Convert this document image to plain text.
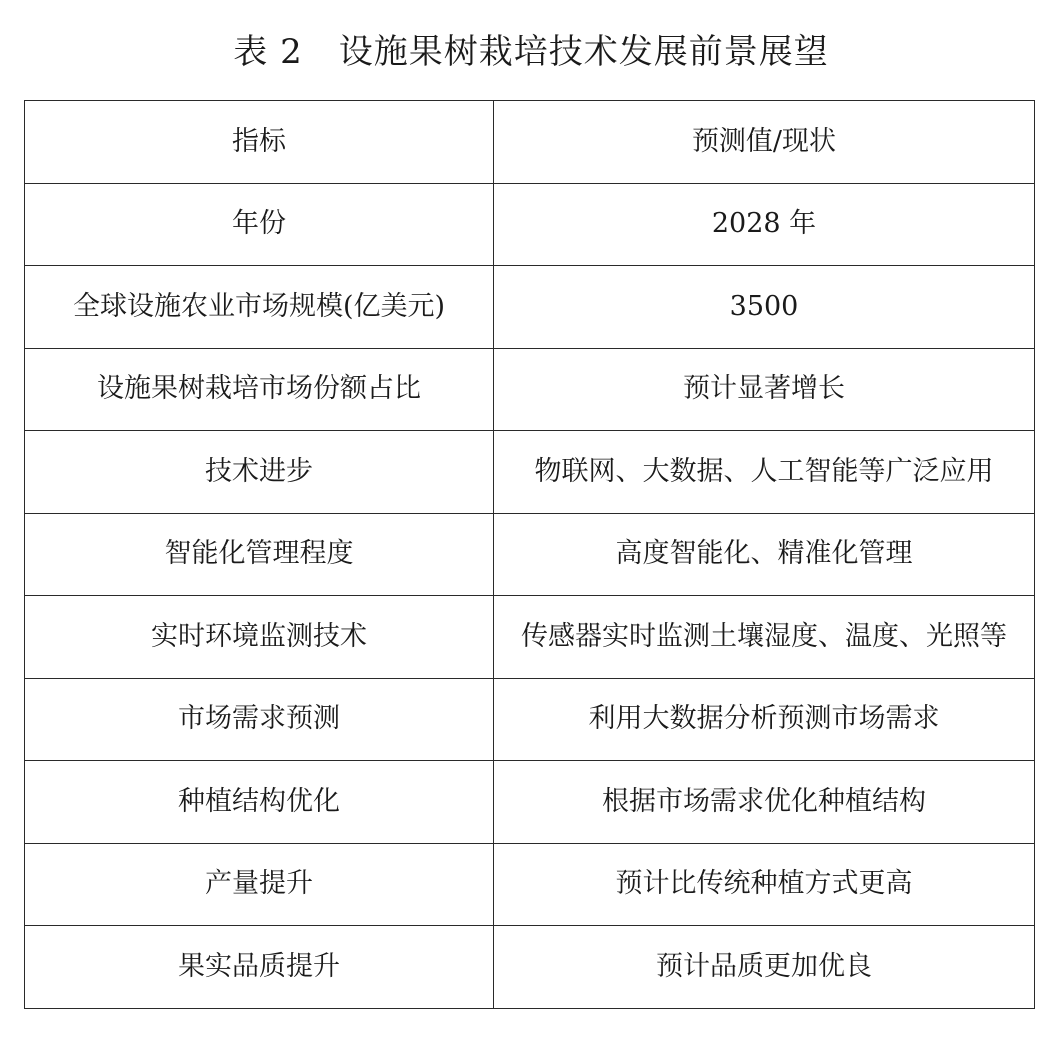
表 2 设施果树栽培技术发展前景展望
指标	预测值/现状
年份	2028 年
全球设施农业市场规模(亿美元)	3500
设施果树栽培市场份额占比	预计显著增长
技术进步	物联网、大数据、人工智能等广泛应用
智能化管理程度	高度智能化、精准化管理
实时环境监测技术	传感器实时监测土壤湿度、温度、光照等
市场需求预测	利用大数据分析预测市场需求
种植结构优化	根据市场需求优化种植结构
产量提升	预计比传统种植方式更高
果实品质提升	预计品质更加优良
